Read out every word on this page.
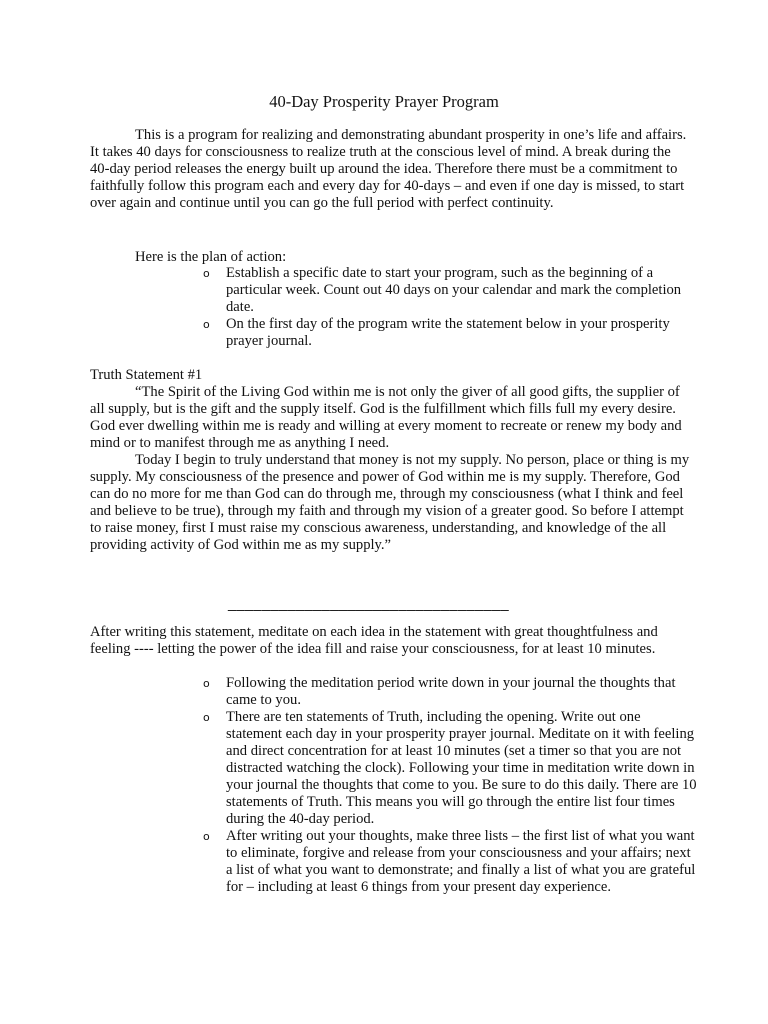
40-Day Prosperity Prayer Program

This is a program for realizing and demonstrating abundant prosperity in one’s life and affairs. It takes 40 days for consciousness to realize truth at the conscious level of mind. A break during the 40-day period releases the energy built up around the idea. Therefore there must be a commitment to faithfully follow this program each and every day for 40-days – and even if one day is missed, to start over again and continue until you can go the full period with perfect continuity.

Here is the plan of action:
o Establish a specific date to start your program, such as the beginning of a particular week. Count out 40 days on your calendar and mark the completion date.
o On the first day of the program write the statement below in your prosperity prayer journal.
Truth Statement #1

“The Spirit of the Living God within me is not only the giver of all good gifts, the supplier of all supply, but is the gift and the supply itself. God is the fulfillment which fills full my every desire. God ever dwelling within me is ready and willing at every moment to recreate or renew my body and mind or to manifest through me as anything I need.

Today I begin to truly understand that money is not my supply. No person, place or thing is my supply. My consciousness of the presence and power of God within me is my supply. Therefore, God can do no more for me than God can do through me, through my consciousness (what I think and feel and believe to be true), through my faith and through my vision of a greater good. So before I attempt to raise money, first I must raise my conscious awareness, understanding, and knowledge of the all providing activity of God within me as my supply.”

_________________________________

After writing this statement, meditate on each idea in the statement with great thoughtfulness and feeling ---- letting the power of the idea fill and raise your consciousness, for at least 10 minutes.

o Following the meditation period write down in your journal the thoughts that came to you.
o There are ten statements of Truth, including the opening. Write out one statement each day in your prosperity prayer journal. Meditate on it with feeling and direct concentration for at least 10 minutes (set a timer so that you are not distracted watching the clock). Following your time in meditation write down in your journal the thoughts that come to you. Be sure to do this daily. There are 10 statements of Truth. This means you will go through the entire list four times during the 40-day period.
o After writing out your thoughts, make three lists – the first list of what you want to eliminate, forgive and release from your consciousness and your affairs; next a list of what you want to demonstrate; and finally a list of what you are grateful for – including at least 6 things from your present day experience.
